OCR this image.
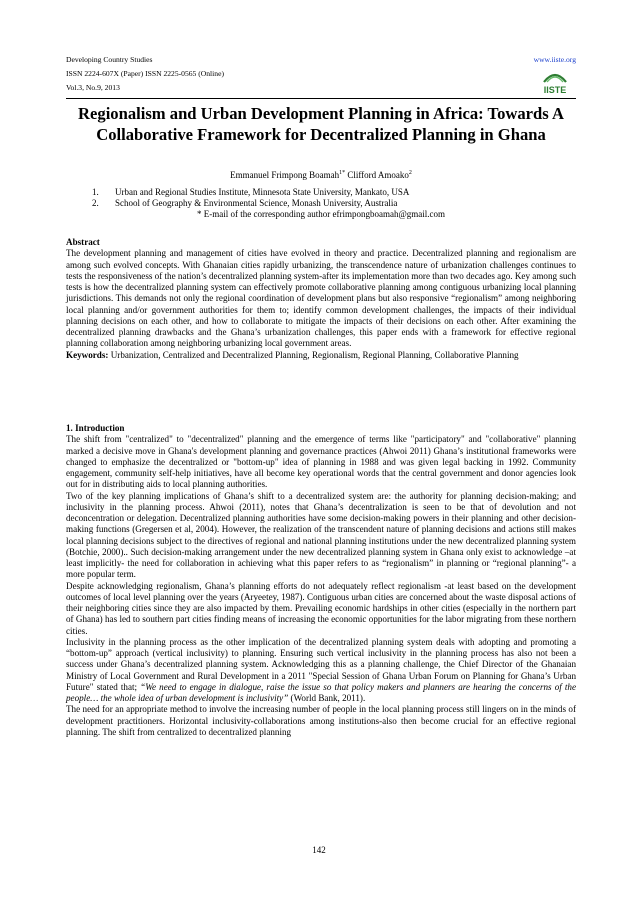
Developing Country Studies
ISSN 2224-607X (Paper) ISSN 2225-0565 (Online)
Vol.3, No.9, 2013
www.iiste.org
IISTE
Regionalism and Urban Development Planning in Africa: Towards A Collaborative Framework for Decentralized Planning in Ghana
Emmanuel Frimpong Boamah$^{1*}$ Clifford Amoako$^2$
1. Urban and Regional Studies Institute, Minnesota State University, Mankato, USA
2. School of Geography & Environmental Science, Monash University, Australia
* E-mail of the corresponding author efrimpongboamah@gmail.com

Abstract

The development planning and management of cities have evolved in theory and practice. Decentralized planning and regionalism are among such evolved concepts. With Ghanaian cities rapidly urbanizing, the transcendence nature of urbanization challenges continues to tests the responsiveness of the nation’s decentralized planning system-after its implementation more than two decades ago. Key among such tests is how the decentralized planning system can effectively promote collaborative planning among contiguous urbanizing local planning jurisdictions. This demands not only the regional coordination of development plans but also responsive “regionalism” among neighboring local planning and/or government authorities for them to; identify common development challenges, the impacts of their individual planning decisions on each other, and how to collaborate to mitigate the impacts of their decisions on each other. After examining the decentralized planning drawbacks and the Ghana’s urbanization challenges, this paper ends with a framework for effective regional planning collaboration among neighboring urbanizing local government areas.

Keywords: Urbanization, Centralized and Decentralized Planning, Regionalism, Regional Planning, Collaborative Planning

1. Introduction

The shift from "centralized" to "decentralized" planning and the emergence of terms like "participatory" and "collaborative" planning marked a decisive move in Ghana's development planning and governance practices (Ahwoi 2011) Ghana’s institutional frameworks were changed to emphasize the decentralized or "bottom-up" idea of planning in 1988 and was given legal backing in 1992. Community engagement, community self-help initiatives, have all become key operational words that the central government and donor agencies look out for in distributing aids to local planning authorities.

Two of the key planning implications of Ghana’s shift to a decentralized system are: the authority for planning decision-making; and inclusivity in the planning process. Ahwoi (2011), notes that Ghana’s decentralization is seen to be that of devolution and not deconcentration or delegation. Decentralized planning authorities have some decision-making powers in their planning and other decision-making functions (Gregersen et al, 2004). However, the realization of the transcendent nature of planning decisions and actions still makes local planning decisions subject to the directives of regional and national planning institutions under the new decentralized planning system (Botchie, 2000).. Such decision-making arrangement under the new decentralized planning system in Ghana only exist to acknowledge –at least implicitly- the need for collaboration in achieving what this paper refers to as “regionalism” in planning or “regional planning”- a more popular term.

Despite acknowledging regionalism, Ghana’s planning efforts do not adequately reflect regionalism -at least based on the development outcomes of local level planning over the years (Aryeetey, 1987). Contiguous urban cities are concerned about the waste disposal actions of their neighboring cities since they are also impacted by them. Prevailing economic hardships in other cities (especially in the northern part of Ghana) has led to southern part cities finding means of increasing the economic opportunities for the labor migrating from these northern cities.

Inclusivity in the planning process as the other implication of the decentralized planning system deals with adopting and promoting a “bottom-up” approach (vertical inclusivity) to planning. Ensuring such vertical inclusivity in the planning process has also not been a success under Ghana’s decentralized planning system. Acknowledging this as a planning challenge, the Chief Director of the Ghanaian Ministry of Local Government and Rural Development in a 2011 "Special Session of Ghana Urban Forum on Planning for Ghana’s Urban Future" stated that; “We need to engage in dialogue, raise the issue so that policy makers and planners are hearing the concerns of the people… the whole idea of urban development is inclusivity” (World Bank, 2011).

The need for an appropriate method to involve the increasing number of people in the local planning process still lingers on in the minds of development practitioners. Horizontal inclusivity-collaborations among institutions-also then become crucial for an effective regional planning. The shift from centralized to decentralized planning

142
